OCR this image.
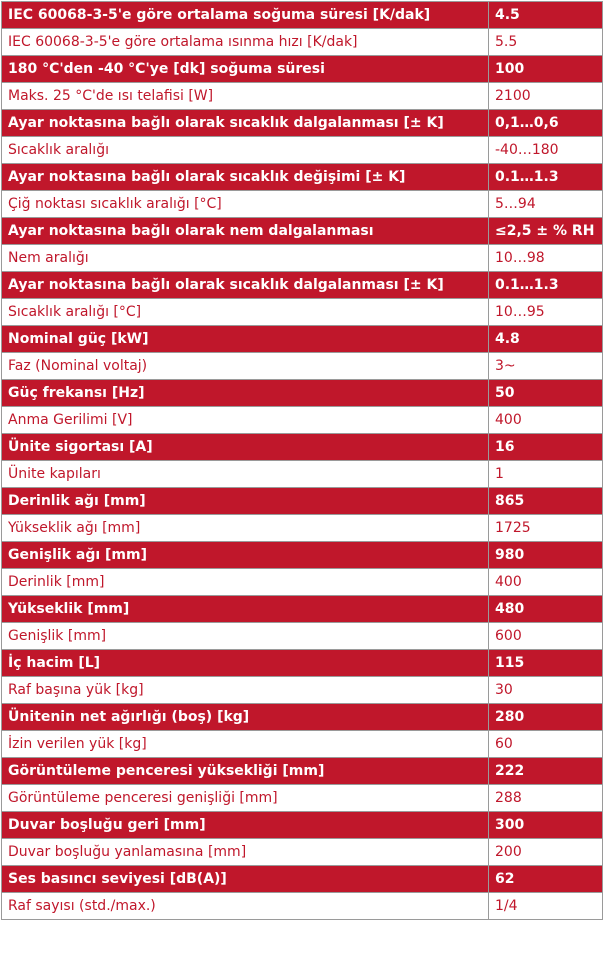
IEC 60068-3-5'e göre ortalama soğuma süresi [K/dak]	4.5
IEC 60068-3-5'e göre ortalama ısınma hızı [K/dak]	5.5
180 °C'den -40 °C'ye [dk] soğuma süresi	100
Maks. 25 °C'de ısı telafisi [W]	2100
Ayar noktasına bağlı olarak sıcaklık dalgalanması [± K]	0,1…0,6
Sıcaklık aralığı	-40…180
Ayar noktasına bağlı olarak sıcaklık değişimi [± K]	0.1…1.3
Çiğ noktası sıcaklık aralığı [°C]	5…94
Ayar noktasına bağlı olarak nem dalgalanması	≤2,5 ± % RH
Nem aralığı	10…98
Ayar noktasına bağlı olarak sıcaklık dalgalanması [± K]	0.1…1.3
Sıcaklık aralığı [°C]	10…95
Nominal güç [kW]	4.8
Faz (Nominal voltaj)	3~
Güç frekansı [Hz]	50
Anma Gerilimi [V]	400
Ünite sigortası [A]	16
Ünite kapıları	1
Derinlik ağı [mm]	865
Yükseklik ağı [mm]	1725
Genişlik ağı [mm]	980
Derinlik [mm]	400
Yükseklik [mm]	480
Genişlik [mm]	600
İç hacim [L]	115
Raf başına yük [kg]	30
Ünitenin net ağırlığı (boş) [kg]	280
İzin verilen yük [kg]	60
Görüntüleme penceresi yüksekliği [mm]	222
Görüntüleme penceresi genişliği [mm]	288
Duvar boşluğu geri [mm]	300
Duvar boşluğu yanlamasına [mm]	200
Ses basıncı seviyesi [dB(A)]	62
Raf sayısı (std./max.)	1/4
